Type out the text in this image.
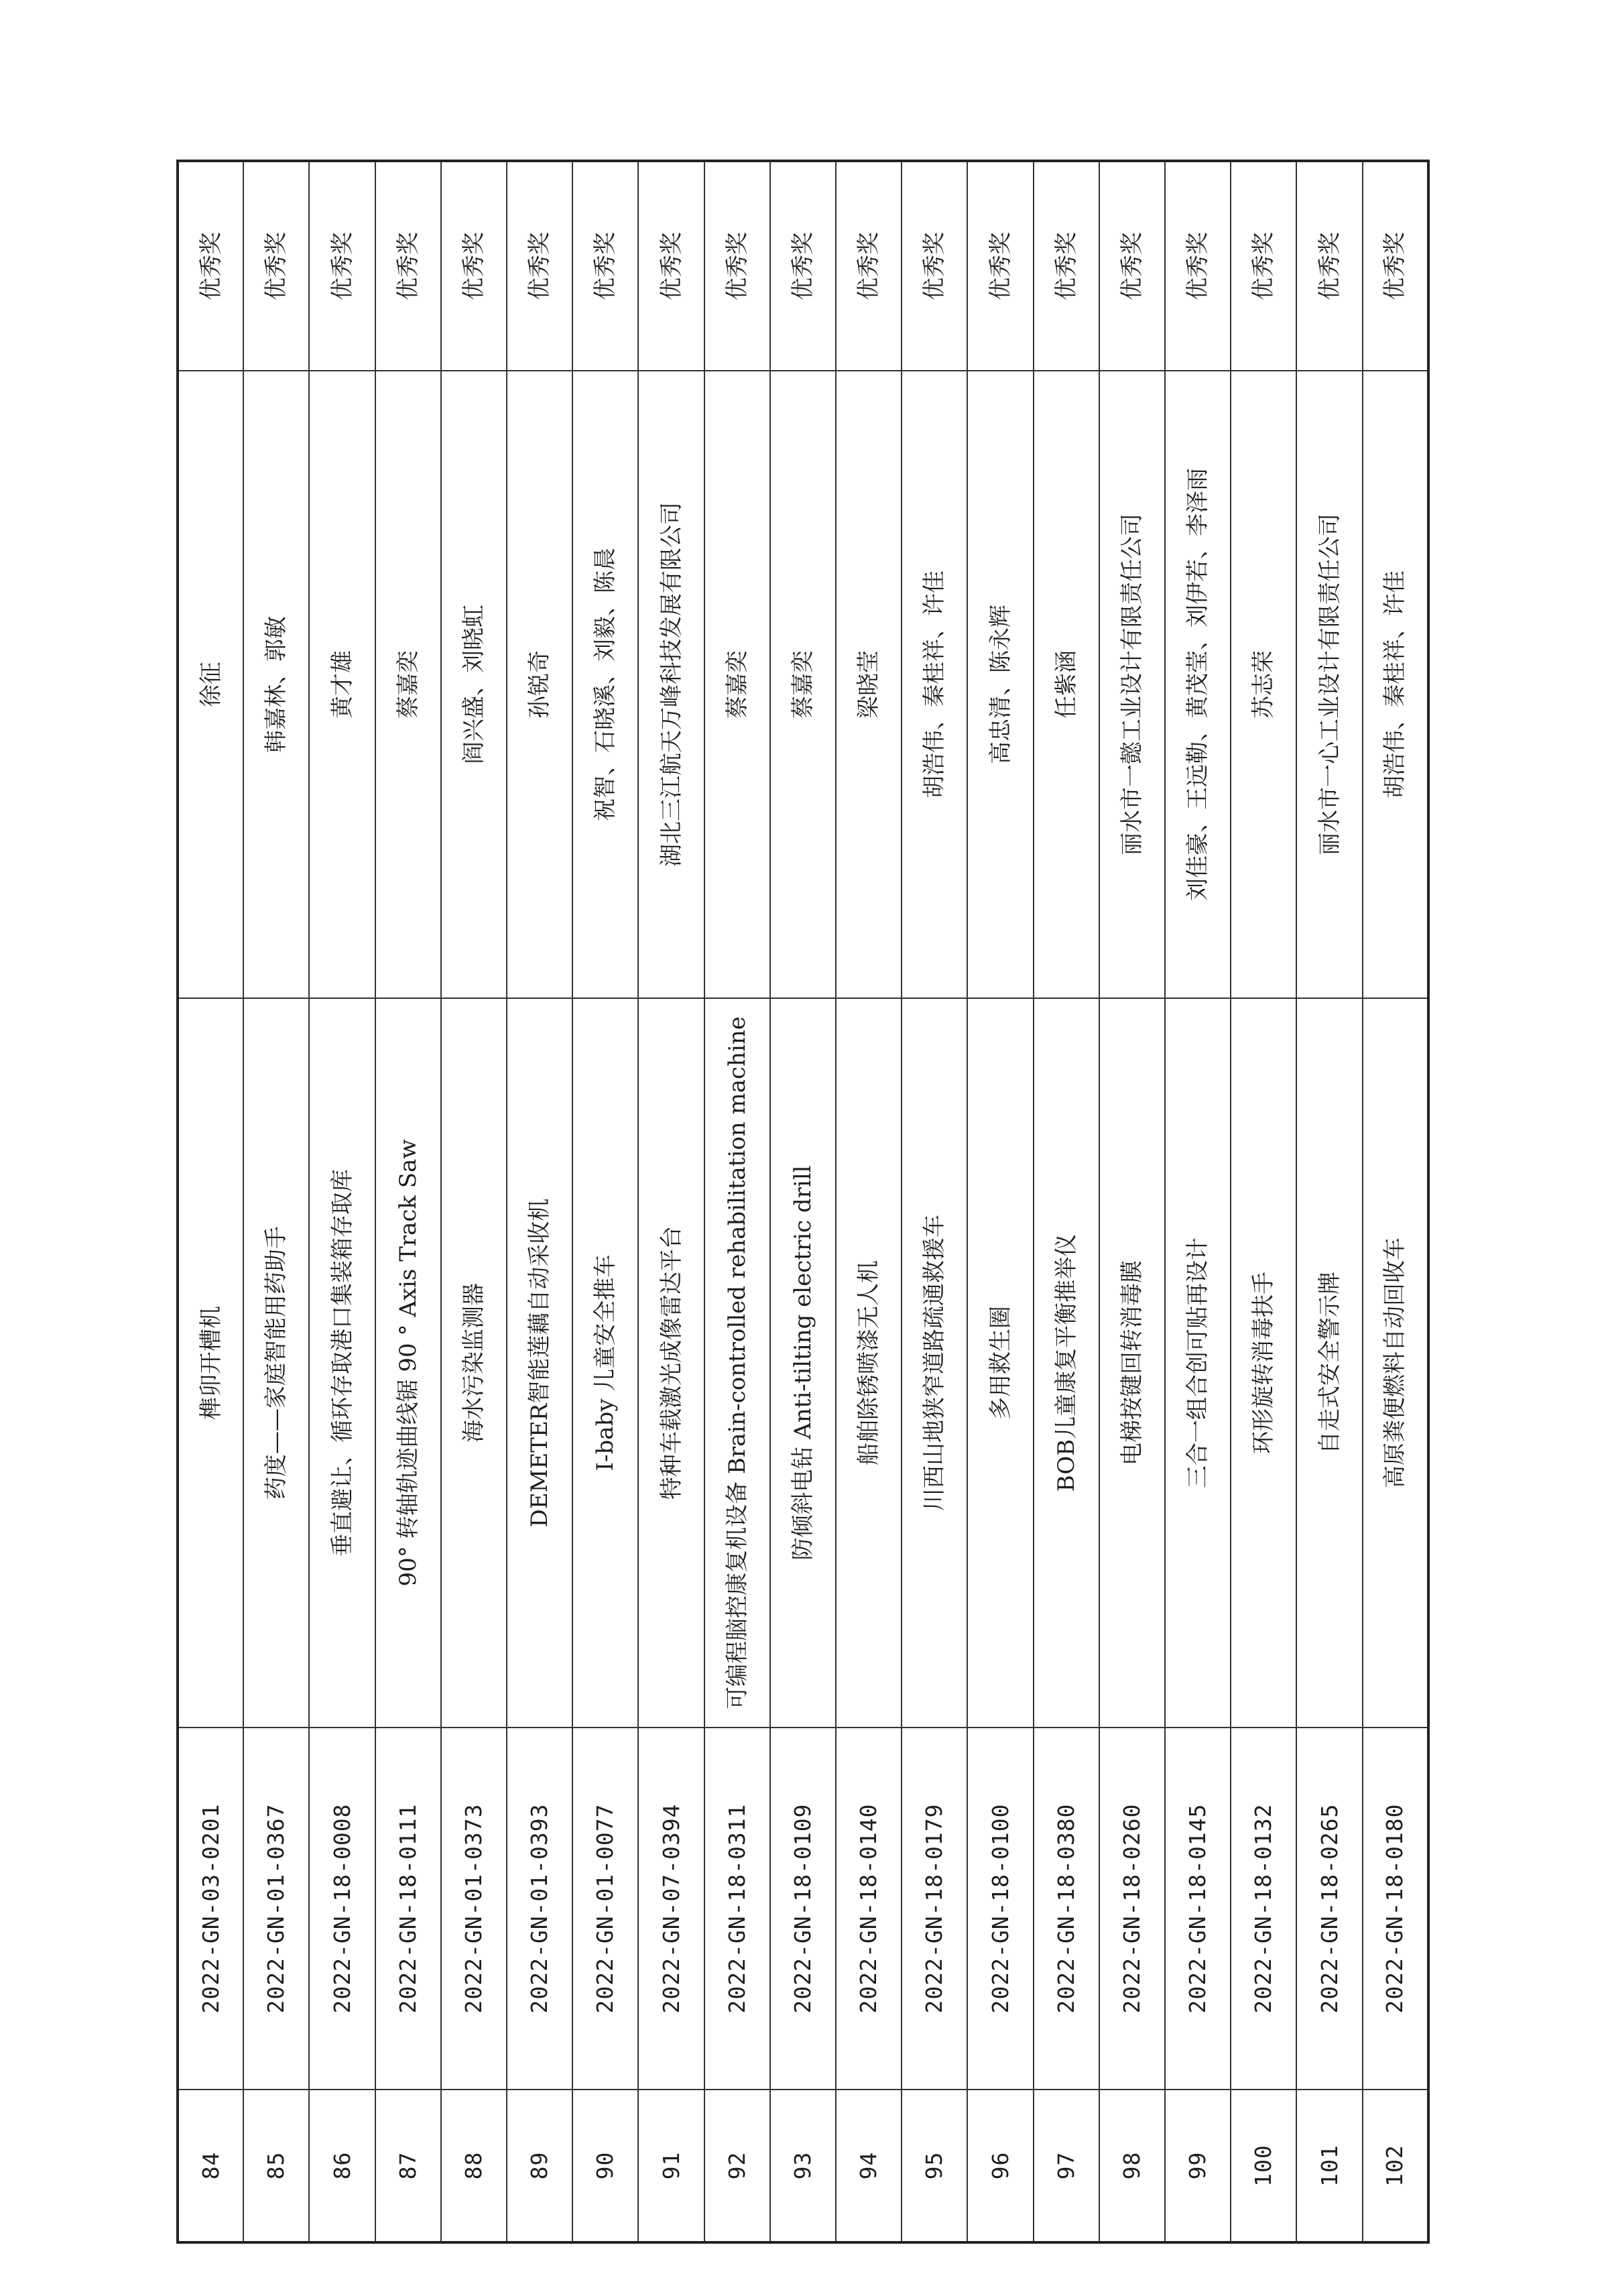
84	2022-GN-03-0201	榫卯开槽机	徐征	优秀奖
85	2022-GN-01-0367	药度——家庭智能用药助手	韩嘉林、郭敏	优秀奖
86	2022-GN-18-0008	垂直避让、循环存取港口集装箱存取库	黄才雄	优秀奖
87	2022-GN-18-0111	90° 转轴轨迹曲线锯 90 ° Axis Track Saw	蔡嘉奕	优秀奖
88	2022-GN-01-0373	海水污染监测器	阎兴盛、刘晓虹	优秀奖
89	2022-GN-01-0393	DEMETER智能莲藕自动采收机	孙锐奇	优秀奖
90	2022-GN-01-0077	I-baby 儿童安全推车	祝智、石晓溪、刘毅、陈晨	优秀奖
91	2022-GN-07-0394	特种车载激光成像雷达平台	湖北三江航天万峰科技发展有限公司	优秀奖
92	2022-GN-18-0311	可编程脑控康复机设备 Brain-controlled rehabilitation machine	蔡嘉奕	优秀奖
93	2022-GN-18-0109	防倾斜电钻 Anti-tilting electric drill	蔡嘉奕	优秀奖
94	2022-GN-18-0140	船舶除锈喷漆无人机	梁晓莹	优秀奖
95	2022-GN-18-0179	川西山地狭窄道路疏通救援车	胡浩伟、秦桂祥、许佳	优秀奖
96	2022-GN-18-0100	多用救生圈	高忠清、陈永辉	优秀奖
97	2022-GN-18-0380	BOB儿童康复平衡推举仪	任紫涵	优秀奖
98	2022-GN-18-0260	电梯按键回转消毒膜	丽水市一懿工业设计有限责任公司	优秀奖
99	2022-GN-18-0145	三合一组合创可贴再设计	刘佳豪、王远勒、黄茂莹、刘伊若、李泽雨	优秀奖
100	2022-GN-18-0132	环形旋转消毒扶手	苏志荣	优秀奖
101	2022-GN-18-0265	自走式安全警示牌	丽水市一心工业设计有限责任公司	优秀奖
102	2022-GN-18-0180	高原粪便燃料自动回收车	胡浩伟、秦桂祥、许佳	优秀奖
